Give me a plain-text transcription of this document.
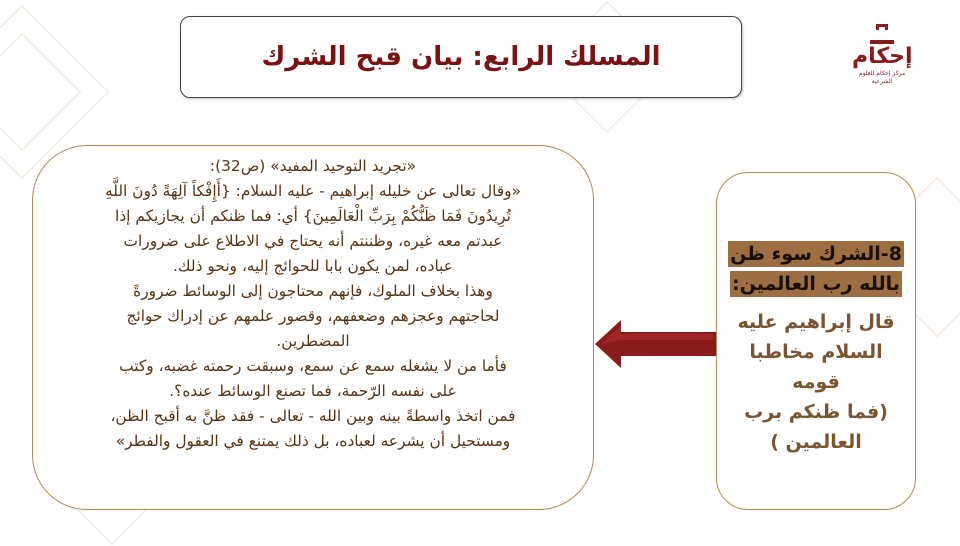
المسلك الرابع: بيان قبح الشرك	إحكام
مركز إحكام للعلوم الشرعية

«تجريد التوحيد المفيد» (ص32):

«وقال تعالى عن خليله إبراهيم - عليه السلام: {أَإِفْكاً آلِهَةً دُونَ اللَّهِ

تُرِيدُونَ فَمَا ظَنُّكُمْ بِرَبِّ الْعَالَمِينَ} أي: فما ظنكم أن يجازيكم إذا

عبدتم معه غيره، وظننتم أنه يحتاج في الاطلاع على ضرورات

عباده، لمن يكون بابا للحوائج إليه، ونحو ذلك.

وهذا بخلاف الملوك، فإنهم محتاجون إلى الوسائط ضرورةً

لحاجتهم وعجزهم وضعفهم، وقصور علمهم عن إدراك حوائج

المضطرين.

فأما من لا يشغله سمع عن سمع، وسبقت رحمته غضبه، وكتب

على نفسه الرّحمة، فما تصنع الوسائط عنده؟.

فمن اتخذ واسطةً بينه وبين الله - تعالى - فقد ظنَّ به أقبح الظن،

ومستحيل أن يشرعه لعباده، بل ذلك يمتنع في العقول والفطر»

8-الشرك سوء ظن
بالله رب العالمين:
قال إبراهيم عليه
السلام مخاطبا قومه
(فما ظنكم برب
العالمين )
